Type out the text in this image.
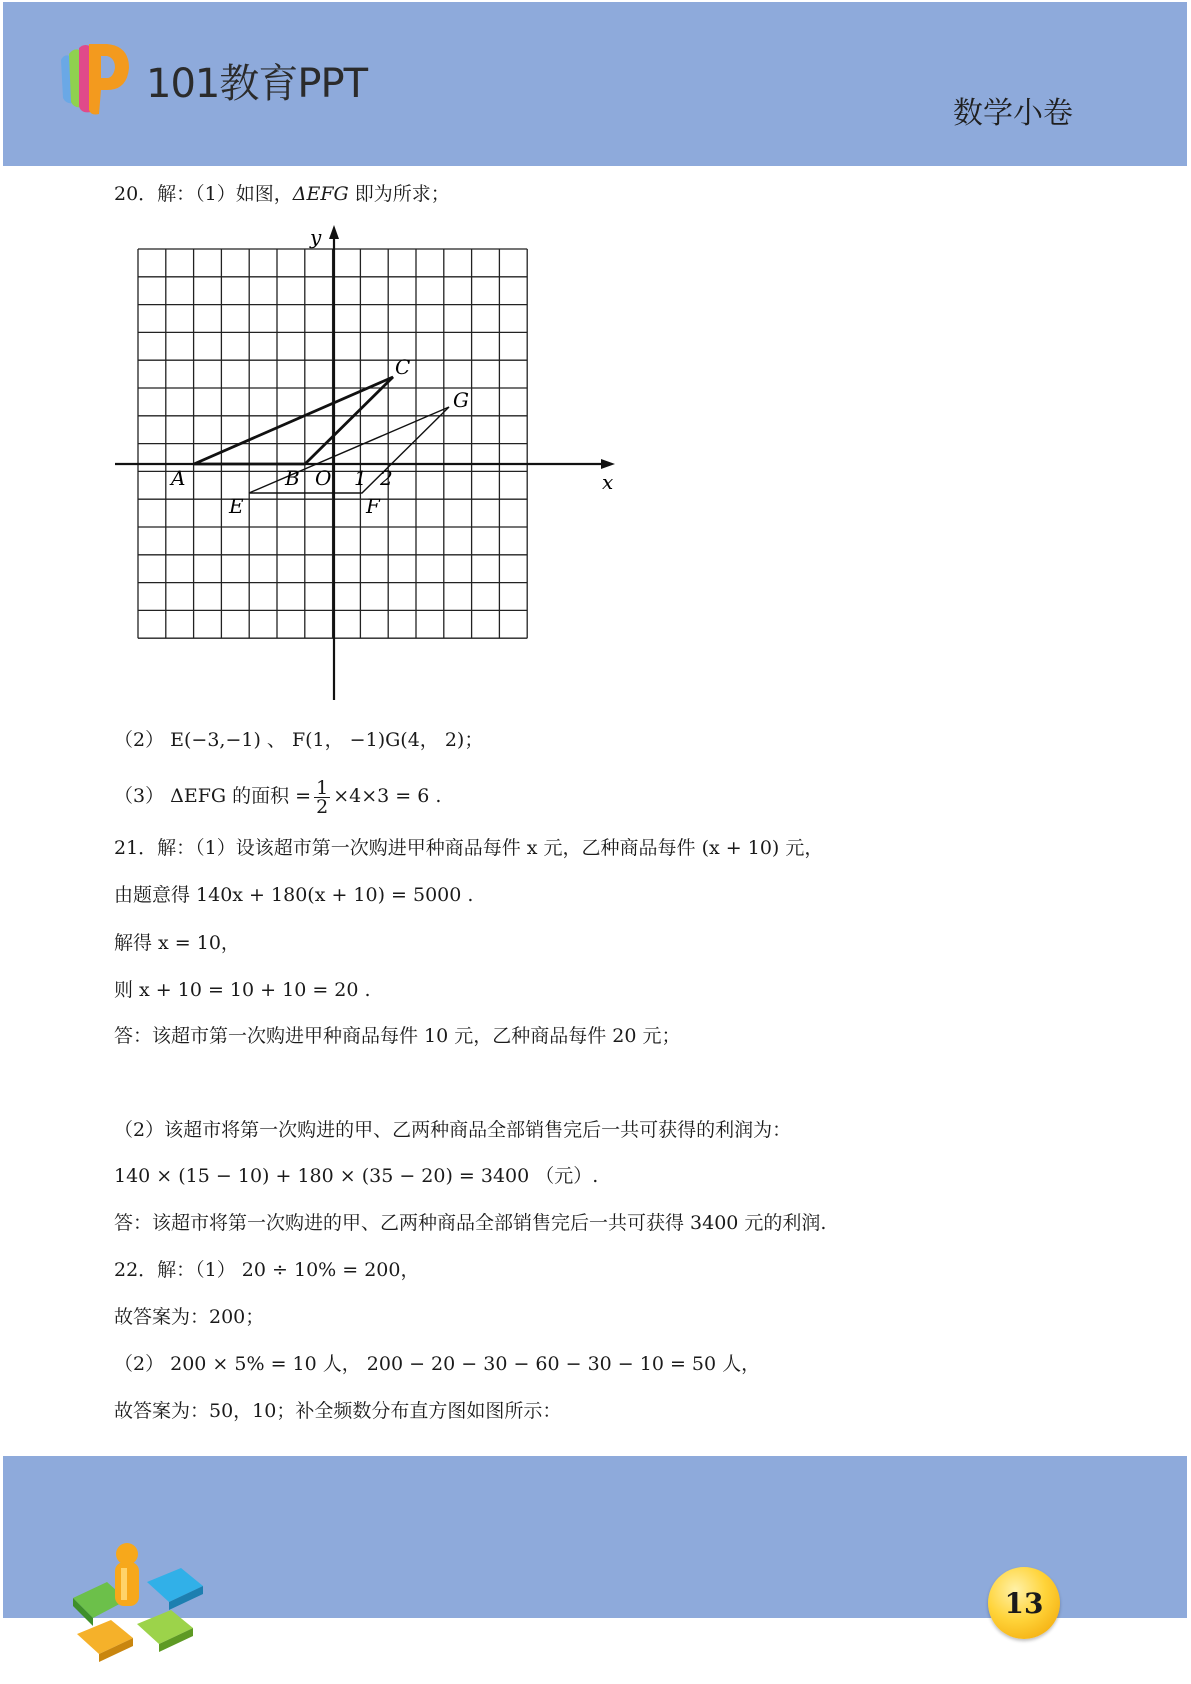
101教育PPT
数学小卷
20．解：（1）如图，ΔEFG 即为所求；
y
x
A	B O 1 2
C
G
E	F
（2） E(−3,−1) 、 F(1， −1)G(4， 2)；
（3） ΔEFG 的面积 = $\frac{1}{2} \times 4\times 3 = 6$ .
21．解：（1）设该超市第一次购进甲种商品每件 x 元，乙种商品每件 (x + 10) 元，
由题意得 140x + 180(x + 10) = 5000 .
解得 x = 10，
则 x + 10 = 10 + 10 = 20 .
答：该超市第一次购进甲种商品每件 10 元，乙种商品每件 20 元；
（2）该超市将第一次购进的甲、乙两种商品全部销售完后一共可获得的利润为：
140 × (15 − 10) + 180 × (35 − 20) = 3400 （元）.
答：该超市将第一次购进的甲、乙两种商品全部销售完后一共可获得 3400 元的利润.
22．解：（1） 20 ÷ 10% = 200，
故答案为：200；
（2） 200 × 5% = 10 人， 200 − 20 − 30 − 60 − 30 − 10 = 50 人，
故答案为：50，10；补全频数分布直方图如图所示：
13
